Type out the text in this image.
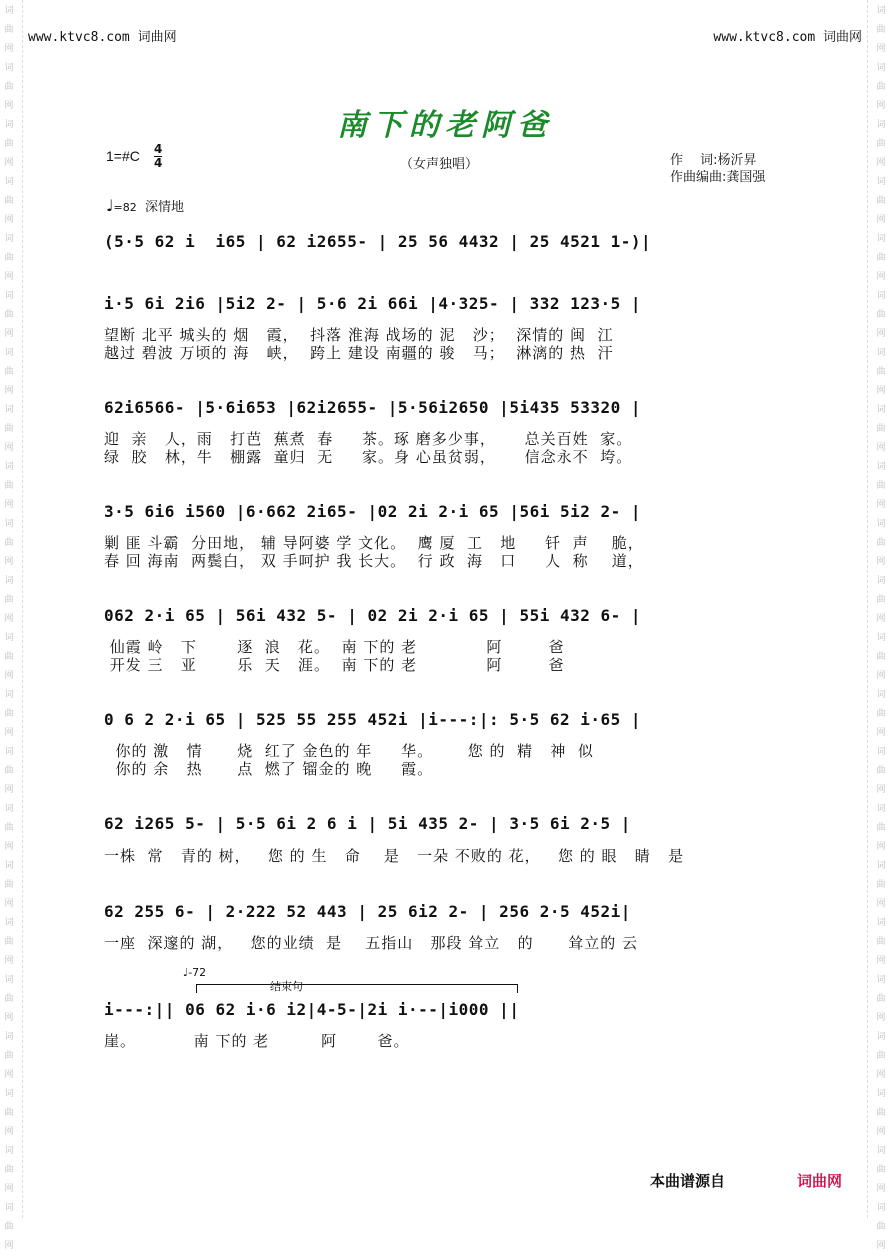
词
曲
网
词
曲
网
词
曲
网
词
曲
网
词
曲
网
词
曲
网
词
曲
网
词
曲
网
词
曲
网
词
曲
网
词
曲
网
词
曲
网
词
曲
网
词
曲
网
词
曲
网
词
曲
网
词
曲
网
词
曲
网
词
曲
网
词
曲
网
词
曲
网
词
曲
网
词
曲
网
词
曲
网
词
曲
网
词
曲
网
词
曲
网
词
曲
网
词
曲
网
词
曲
网
词
曲
网
词
曲
网
词
曲
网
词
曲
网
词
曲
网
词
曲
网
词
曲
网
词
曲
网
词
曲
网
词
曲
网
词
曲
网
词
曲
网
词
曲
网
词
曲
网
www.ktvc8.com 词曲网	www.ktvc8.com 词曲网
南下的老阿爸
1=#C 4
4	（女声独唱）	作　 词:杨沂昇
作曲编曲:龚国强
♩=82 深情地
(5·5 62 i  i65 | 62 i2655- | 25 56 4432 | 25 4521 1-)|
i·5 6i 2i6 |5i2 2- | 5·6 2i 66i |4·325- | 332 123·5 |
望断 北平 城头的 烟   霞，  抖落 淮海 战场的 泥   沙；  深情的 闽  江
越过 碧波 万顷的 海   峡，  跨上 建设 南疆的 骏   马；  淋漓的 热  汗
62i6566- |5·6i653 |62i2655- |5·56i2650 |5i435 53320 |
迎  亲   人，雨   打芭  蕉煮  春     茶。琢 磨多少事，     总关百姓  家。
绿  胶   林，牛   棚露  童归  无     家。身 心虽贫弱，     信念永不  垮。
3·5 6i6 i560 |6·662 2i65- |02 2i 2·i 65 |56i 5i2 2- |
剿 匪 斗霸  分田地， 辅 导阿婆 学 文化。  鹰 厦  工   地     钎  声    脆，
春 回 海南  两鬓白， 双 手呵护 我 长大。  行 政  海   口     人  称    道，
062 2·i 65 | 56i 432 5- | 02 2i 2·i 65 | 55i 432 6- |
仙霞 岭   下       逐  浪   花。  南 下的 老            阿        爸
开发 三   亚       乐  天   涯。  南 下的 老            阿        爸
0 6 2 2·i 65 | 525 55 255 452i |i---:|: 5·5 62 i·65 |
你的 激   情      烧  红了 金色的 年     华。      您 的  精   神  似
你的 余   热      点  燃了 镏金的 晚     霞。
62 i265 5- | 5·5 6i 2 6 i | 5i 435 2- | 3·5 6i 2·5 |
一株  常   青的 树，   您 的 生   命    是   一朵 不败的 花，   您 的 眼   睛   是
62 255 6- | 2·222 52 443 | 25 6i2 2- | 256 2·5 452i|
一座  深邃的 湖，   您的业绩  是    五指山   那段 耸立   的      耸立的 云
♩-72
结束句
i---:|| 06 62 i·6 i2|4-5-|2i i·--|i000 ||
崖。          南 下的 老         阿       爸。
本曲谱源自	词曲网
